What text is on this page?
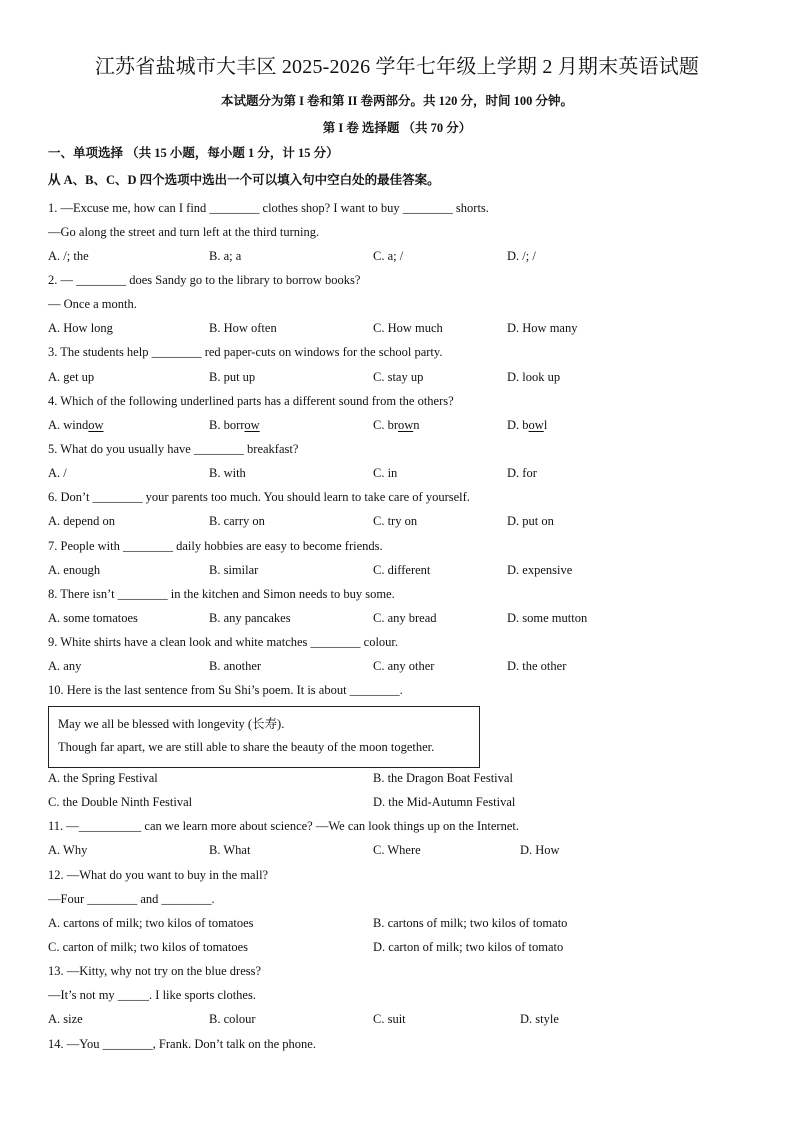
江苏省盐城市大丰区 2025-2026 学年七年级上学期 2 月期末英语试题
本试题分为第 I 卷和第 II 卷两部分。共 120 分，时间 100 分钟。
第 I 卷 选择题 （共 70 分）
一、单项选择 （共 15 小题，每小题 1 分，计 15 分）
从 A、B、C、D 四个选项中选出一个可以填入句中空白处的最佳答案。
1. —Excuse me, how can I find ________ clothes shop? I want to buy ________ shorts.
—Go along the street and turn left at the third turning.
A. /; the	B. a; a	C. a; /	D. /; /
2. — ________ does Sandy go to the library to borrow books?
— Once a month.
A. How long	B. How often	C. How much	D. How many
3. The students help ________ red paper-cuts on windows for the school party.
A. get up	B. put up	C. stay up	D. look up
4. Which of the following underlined parts has a different sound from the others?
A. window	B. borrow	C. brown	D. bowl
5. What do you usually have ________ breakfast?
A. /	B. with	C. in	D. for
6. Don’t ________ your parents too much. You should learn to take care of yourself.
A. depend on	B. carry on	C. try on	D. put on
7. People with ________ daily hobbies are easy to become friends.
A. enough	B. similar	C. different	D. expensive
8. There isn’t ________ in the kitchen and Simon needs to buy some.
A. some tomatoes	B. any pancakes	C. any bread	D. some mutton
9. White shirts have a clean look and white matches ________ colour.
A. any	B. another	C. any other	D. the other
10. Here is the last sentence from Su Shi’s poem. It is about ________.
May we all be blessed with longevity (长寿).
Though far apart, we are still able to share the beauty of the moon together.
A. the Spring Festival	B. the Dragon Boat Festival
C. the Double Ninth Festival	D. the Mid-Autumn Festival
11. —__________ can we learn more about science? —We can look things up on the Internet.
A. Why	B. What	C. Where	D. How
12. —What do you want to buy in the mall?
—Four ________ and ________.
A. cartons of milk; two kilos of tomatoes	B. cartons of milk; two kilos of tomato
C. carton of milk; two kilos of tomatoes	D. carton of milk; two kilos of tomato
13. —Kitty, why not try on the blue dress?
—It’s not my _____. I like sports clothes.
A. size	B. colour	C. suit	D. style
14. —You ________, Frank. Don’t talk on the phone.
